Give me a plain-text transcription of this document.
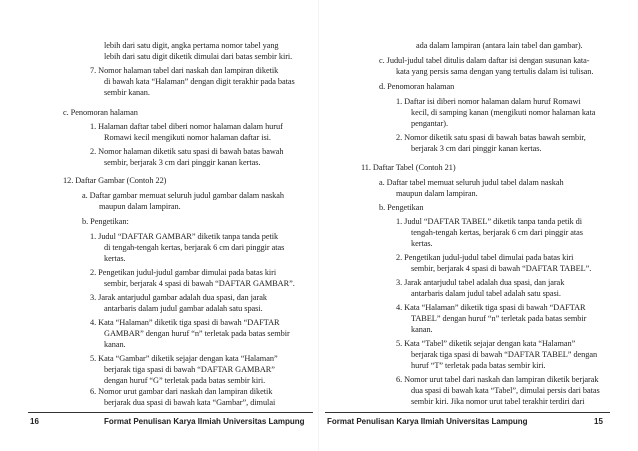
lebih dari satu digit, angka pertama nomor tabel yang
lebih dari satu digit diketik dimulai dari batas sembir kiri.
7. Nomor halaman tabel dari naskah dan lampiran diketik
di bawah kata “Halaman” dengan digit terakhir pada batas
sembir kanan.
c. Penomoran halaman
1. Halaman daftar tabel diberi nomor halaman dalam huruf
Romawi kecil mengikuti nomor halaman daftar isi.
2. Nomor halaman diketik satu spasi di bawah batas bawah
sembir, berjarak 3 cm dari pinggir kanan kertas.
12. Daftar Gambar (Contoh 22)
a. Daftar gambar memuat seluruh judul gambar dalam naskah
maupun dalam lampiran.
b. Pengetikan:
1. Judul “DAFTAR GAMBAR” diketik tanpa tanda petik
di tengah-tengah kertas, berjarak 6 cm dari pinggir atas
kertas.
2. Pengetikan judul-judul gambar dimulai pada batas kiri
sembir, berjarak 4 spasi di bawah “DAFTAR GAMBAR”.
3. Jarak antarjudul gambar adalah dua spasi, dan jarak
antarbaris dalam judul gambar adalah satu spasi.
4. Kata “Halaman” diketik tiga spasi di bawah “DAFTAR
GAMBAR” dengan huruf “n” terletak pada batas sembir
kanan.
5. Kata “Gambar” diketik sejajar dengan kata “Halaman”
berjarak tiga spasi di bawah “DAFTAR GAMBAR”
dengan huruf “G” terletak pada batas sembir kiri.
6. Nomor urut gambar dari naskah dan lampiran diketik
berjarak dua spasi di bawah kata “Gambar”, dimulai
16	Format Penulisan Karya Ilmiah Universitas Lampung
ada dalam lampiran (antara lain tabel dan gambar).
c. Judul-judul tabel ditulis dalam daftar isi dengan susunan kata-
kata yang persis sama dengan yang tertulis dalam isi tulisan.
d. Penomoran halaman
1. Daftar isi diberi nomor halaman dalam huruf Romawi
kecil, di samping kanan (mengikuti nomor halaman kata
pengantar).
2. Nomor diketik satu spasi di bawah batas bawah sembir,
berjarak 3 cm dari pinggir kanan kertas.
11. Daftar Tabel (Contoh 21)
a. Daftar tabel memuat seluruh judul tabel dalam naskah
maupun dalam lampiran.
b. Pengetikan
1. Judul “DAFTAR TABEL” diketik tanpa tanda petik di
tengah-tengah kertas, berjarak 6 cm dari pinggir atas
kertas.
2. Pengetikan judul-judul tabel dimulai pada batas kiri
sembir, berjarak 4 spasi di bawah “DAFTAR TABEL”.
3. Jarak antarjudul tabel adalah dua spasi, dan jarak
antarbaris dalam judul tabel adalah satu spasi.
4. Kata “Halaman” diketik tiga spasi di bawah “DAFTAR
TABEL” dengan huruf “n” terletak pada batas sembir
kanan.
5. Kata “Tabel” diketik sejajar dengan kata “Halaman”
berjarak tiga spasi di bawah “DAFTAR TABEL” dengan
huruf “T” terletak pada batas sembir kiri.
6. Nomor urut tabel dari naskah dan lampiran diketik berjarak
dua spasi di bawah kata “Tabel”, dimulai persis dari batas
sembir kiri. Jika nomor urut tabel terakhir terdiri dari
Format Penulisan Karya Ilmiah Universitas Lampung	15
